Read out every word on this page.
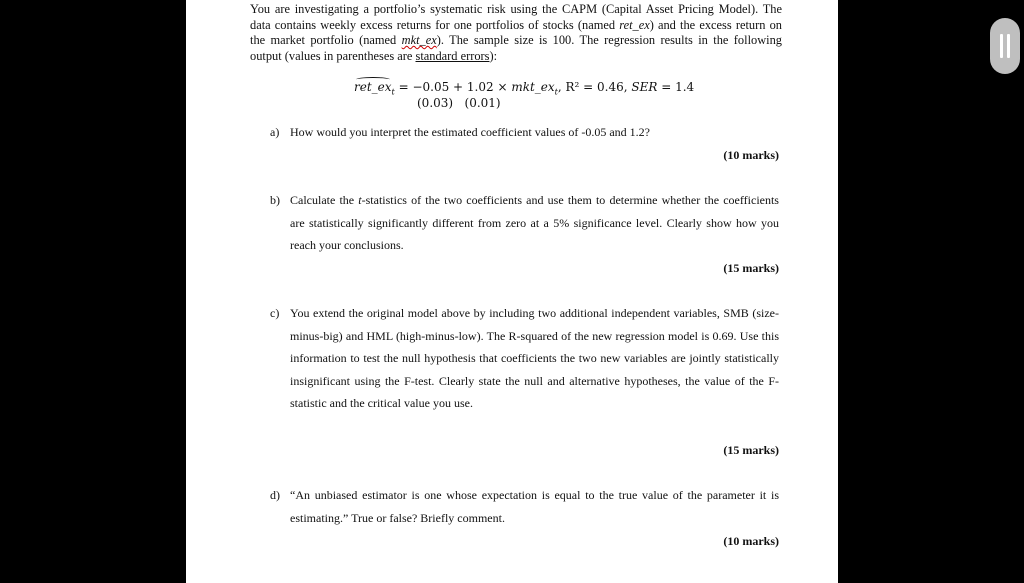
You are investigating a portfolio’s systematic risk using the CAPM (Capital Asset Pricing Model). The data contains weekly excess returns for one portfolios of stocks (named ret_ex) and the excess return on the market portfolio (named mkt_ex). The sample size is 100. The regression results in the following output (values in parentheses are standard errors):
$ret\_ex_t = -0.05 + 1.02$ × $mkt\_ex_t$, R² = 0.46, SER = 1.4
(0.03)   (0.01)
a) How would you interpret the estimated coefficient values of -0.05 and 1.2?
(10 marks)
b) Calculate the t-statistics of the two coefficients and use them to determine whether the coefficients are statistically significantly different from zero at a 5% significance level. Clearly show how you reach your conclusions.
(15 marks)
c) You extend the original model above by including two additional independent variables, SMB (size-minus-big) and HML (high-minus-low). The R-squared of the new regression model is 0.69. Use this information to test the null hypothesis that coefficients the two new variables are jointly statistically insignificant using the F-test. Clearly state the null and alternative hypotheses, the value of the F-statistic and the critical value you use.
(15 marks)
d) “An unbiased estimator is one whose expectation is equal to the true value of the parameter it is estimating.” True or false? Briefly comment.
(10 marks)
